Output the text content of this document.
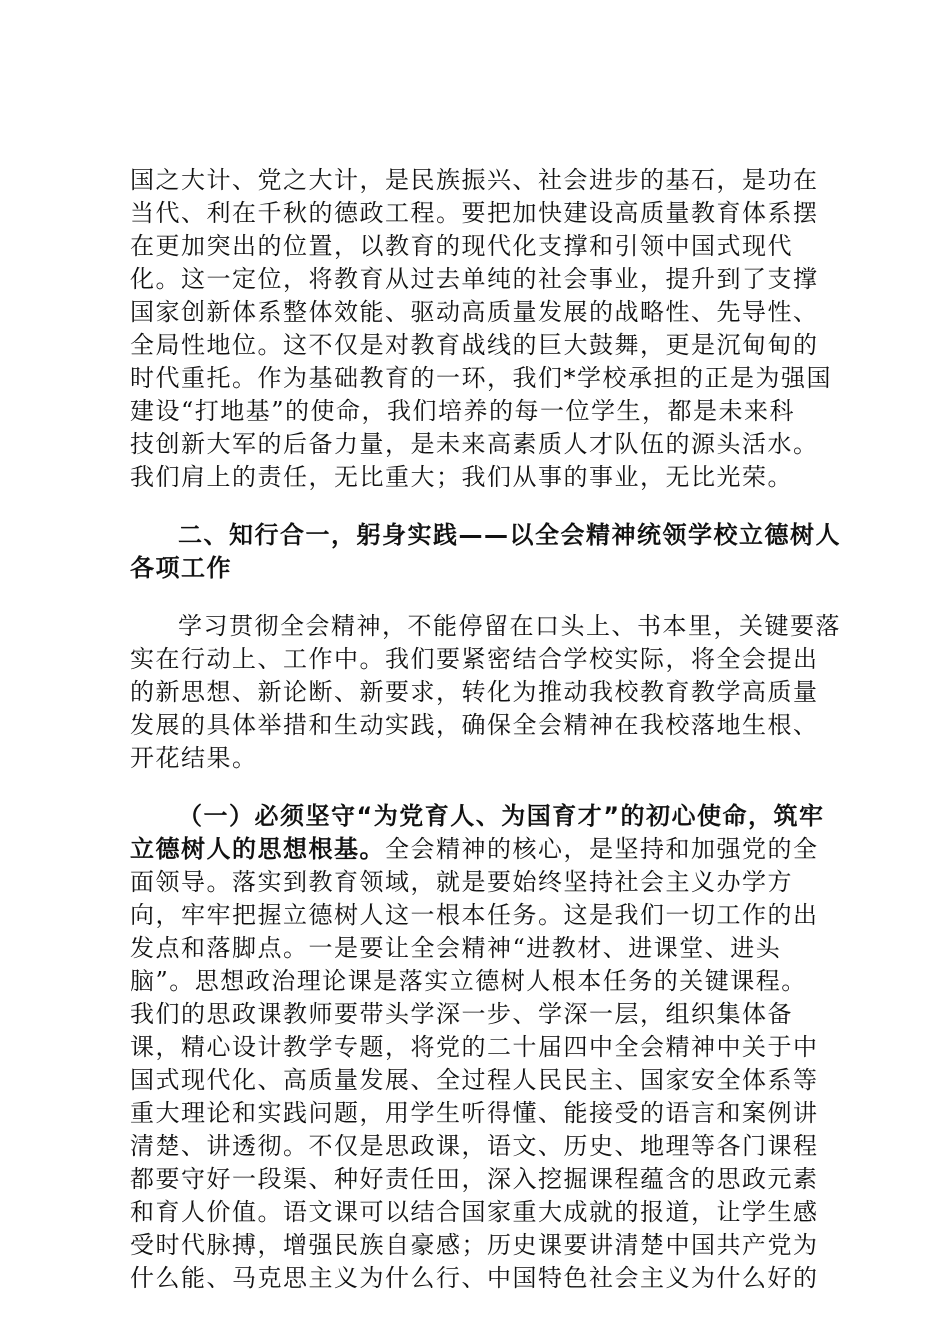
国之大计、党之大计，是民族振兴、社会进步的基石，是功在
当代、利在千秋的德政工程。要把加快建设高质量教育体系摆
在更加突出的位置，以教育的现代化支撑和引领中国式现代
化。这一定位，将教育从过去单纯的社会事业，提升到了支撑
国家创新体系整体效能、驱动高质量发展的战略性、先导性、
全局性地位。这不仅是对教育战线的巨大鼓舞，更是沉甸甸的
时代重托。作为基础教育的一环，我们*学校承担的正是为强国
建设“打地基”的使命，我们培养的每一位学生，都是未来科
技创新大军的后备力量，是未来高素质人才队伍的源头活水。
我们肩上的责任，无比重大；我们从事的事业，无比光荣。
二、知行合一，躬身实践——以全会精神统领学校立德树人
各项工作
学习贯彻全会精神，不能停留在口头上、书本里，关键要落
实在行动上、工作中。我们要紧密结合学校实际，将全会提出
的新思想、新论断、新要求，转化为推动我校教育教学高质量
发展的具体举措和生动实践，确保全会精神在我校落地生根、
开花结果。
（一）必须坚守“为党育人、为国育才”的初心使命，筑牢
立德树人的思想根基。全会精神的核心，是坚持和加强党的全
面领导。落实到教育领域，就是要始终坚持社会主义办学方
向，牢牢把握立德树人这一根本任务。这是我们一切工作的出
发点和落脚点。一是要让全会精神“进教材、进课堂、进头
脑”。思想政治理论课是落实立德树人根本任务的关键课程。
我们的思政课教师要带头学深一步、学深一层，组织集体备
课，精心设计教学专题，将党的二十届四中全会精神中关于中
国式现代化、高质量发展、全过程人民民主、国家安全体系等
重大理论和实践问题，用学生听得懂、能接受的语言和案例讲
清楚、讲透彻。不仅是思政课，语文、历史、地理等各门课程
都要守好一段渠、种好责任田，深入挖掘课程蕴含的思政元素
和育人价值。语文课可以结合国家重大成就的报道，让学生感
受时代脉搏，增强民族自豪感；历史课要讲清楚中国共产党为
什么能、马克思主义为什么行、中国特色社会主义为什么好的
